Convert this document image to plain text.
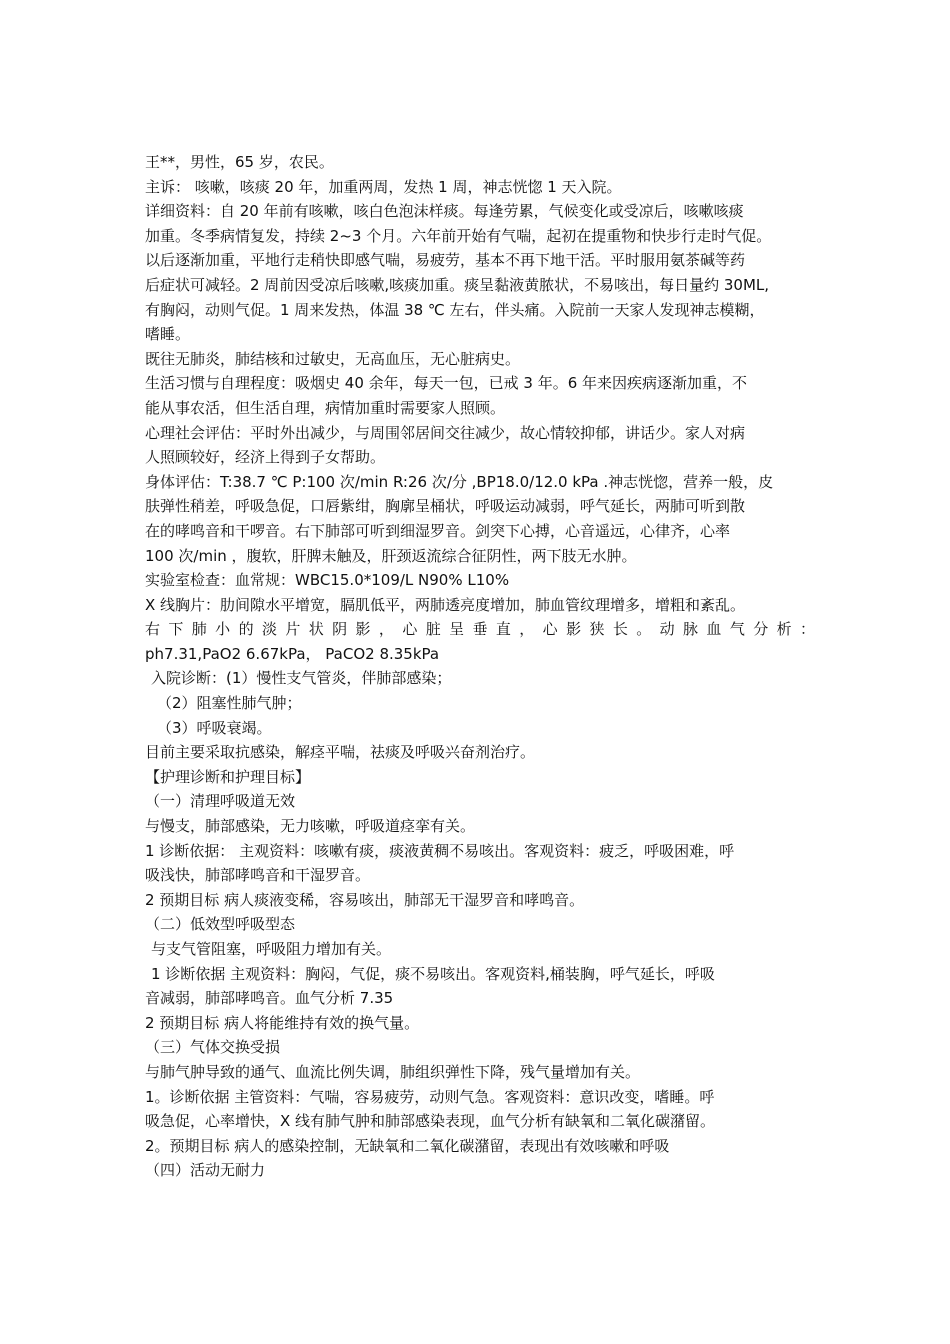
王**，男性，65 岁，农民。
主诉： 咳嗽，咳痰 20 年，加重两周，发热 1 周，神志恍惚 1 天入院。
详细资料：自 20 年前有咳嗽，咳白色泡沫样痰。每逢劳累，气候变化或受凉后，咳嗽咳痰
加重。冬季病情复发，持续 2~3 个月。六年前开始有气喘，起初在提重物和快步行走时气促。
以后逐渐加重，平地行走稍快即感气喘，易疲劳，基本不再下地干活。平时服用氨茶碱等药
后症状可减轻。2 周前因受凉后咳嗽,咳痰加重。痰呈黏液黄脓状，不易咳出，每日量约 30ML,
有胸闷，动则气促。1 周来发热，体温 38 ℃ 左右，伴头痛。入院前一天家人发现神志模糊，
嗜睡。
既往无肺炎，肺结核和过敏史，无高血压，无心脏病史。
生活习惯与自理程度：吸烟史 40 余年，每天一包，已戒 3 年。6 年来因疾病逐渐加重，不
能从事农活，但生活自理，病情加重时需要家人照顾。
心理社会评估：平时外出减少，与周围邻居间交往减少，故心情较抑郁，讲话少。家人对病
人照顾较好，经济上得到子女帮助。
身体评估：T:38.7 ℃ P:100 次/min R:26 次/分 ,BP18.0/12.0 kPa .神志恍惚，营养一般，皮
肤弹性稍差，呼吸急促，口唇紫绀，胸廓呈桶状，呼吸运动减弱，呼气延长，两肺可听到散
在的哮鸣音和干啰音。右下肺部可听到细湿罗音。剑突下心搏，心音遥远，心律齐，心率
100 次/min ，腹软，肝脾未触及，肝颈返流综合征阴性，两下肢无水肿。
实验室检查：血常规：WBC15.0*109/L N90% L10%
X 线胸片：肋间隙水平增宽，膈肌低平，两肺透亮度增加，肺血管纹理增多，增粗和紊乱。
右 下 肺 小 的 淡 片 状 阴 影 ， 心 脏 呈 垂 直 ， 心 影 狭 长 。 动 脉 血 气 分 析 ：
ph7.31,PaO2 6.67kPa， PaCO2 8.35kPa
入院诊断：(1）慢性支气管炎，伴肺部感染；
（2）阻塞性肺气肿；
（3）呼吸衰竭。
目前主要采取抗感染，解痉平喘，祛痰及呼吸兴奋剂治疗。
【护理诊断和护理目标】
（一）清理呼吸道无效
与慢支，肺部感染，无力咳嗽，呼吸道痉挛有关。
1 诊断依据： 主观资料：咳嗽有痰，痰液黄稠不易咳出。客观资料：疲乏，呼吸困难，呼
吸浅快，肺部哮鸣音和干湿罗音。
2 预期目标 病人痰液变稀，容易咳出，肺部无干湿罗音和哮鸣音。
（二）低效型呼吸型态
与支气管阻塞，呼吸阻力增加有关。
1 诊断依据 主观资料：胸闷，气促，痰不易咳出。客观资料,桶装胸，呼气延长，呼吸
音减弱，肺部哮鸣音。血气分析 7.35
2 预期目标 病人将能维持有效的换气量。
（三）气体交换受损
与肺气肿导致的通气、血流比例失调，肺组织弹性下降，残气量增加有关。
1。诊断依据 主管资料：气喘，容易疲劳，动则气急。客观资料：意识改变，嗜睡。呼
吸急促，心率增快，X 线有肺气肿和肺部感染表现，血气分析有缺氧和二氧化碳潴留。
2。预期目标 病人的感染控制，无缺氧和二氧化碳潴留，表现出有效咳嗽和呼吸
（四）活动无耐力
